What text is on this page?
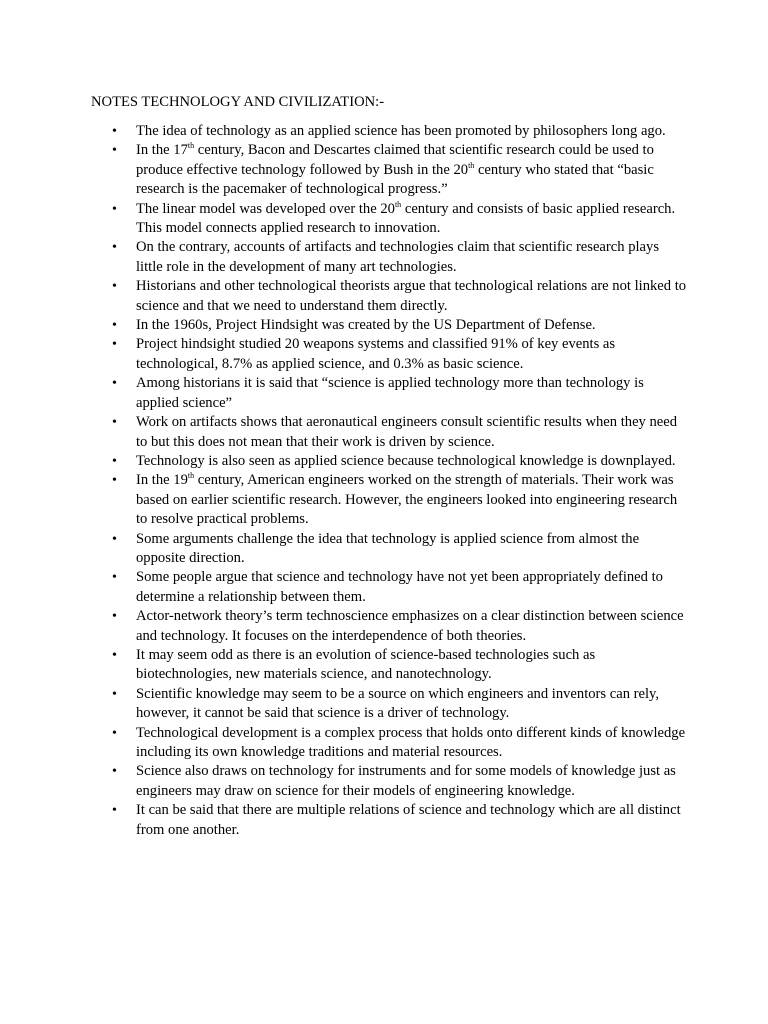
NOTES TECHNOLOGY AND CIVILIZATION:-
• The idea of technology as an applied science has been promoted by philosophers long ago.
• In the 17th century, Bacon and Descartes claimed that scientific research could be used to produce effective technology followed by Bush in the 20th century who stated that “basic research is the pacemaker of technological progress.”
• The linear model was developed over the 20th century and consists of basic applied research. This model connects applied research to innovation.
• On the contrary, accounts of artifacts and technologies claim that scientific research plays little role in the development of many art technologies.
• Historians and other technological theorists argue that technological relations are not linked to science and that we need to understand them directly.
• In the 1960s, Project Hindsight was created by the US Department of Defense.
• Project hindsight studied 20 weapons systems and classified 91% of key events as technological, 8.7% as applied science, and 0.3% as basic science.
• Among historians it is said that “science is applied technology more than technology is applied science”
• Work on artifacts shows that aeronautical engineers consult scientific results when they need to but this does not mean that their work is driven by science.
• Technology is also seen as applied science because technological knowledge is downplayed.
• In the 19th century, American engineers worked on the strength of materials. Their work was based on earlier scientific research. However, the engineers looked into engineering research to resolve practical problems.
• Some arguments challenge the idea that technology is applied science from almost the opposite direction.
• Some people argue that science and technology have not yet been appropriately defined to determine a relationship between them.
• Actor-network theory’s term technoscience emphasizes on a clear distinction between science and technology. It focuses on the interdependence of both theories.
• It may seem odd as there is an evolution of science-based technologies such as biotechnologies, new materials science, and nanotechnology.
• Scientific knowledge may seem to be a source on which engineers and inventors can rely, however, it cannot be said that science is a driver of technology.
• Technological development is a complex process that holds onto different kinds of knowledge including its own knowledge traditions and material resources.
• Science also draws on technology for instruments and for some models of knowledge just as engineers may draw on science for their models of engineering knowledge.
• It can be said that there are multiple relations of science and technology which are all distinct from one another.
